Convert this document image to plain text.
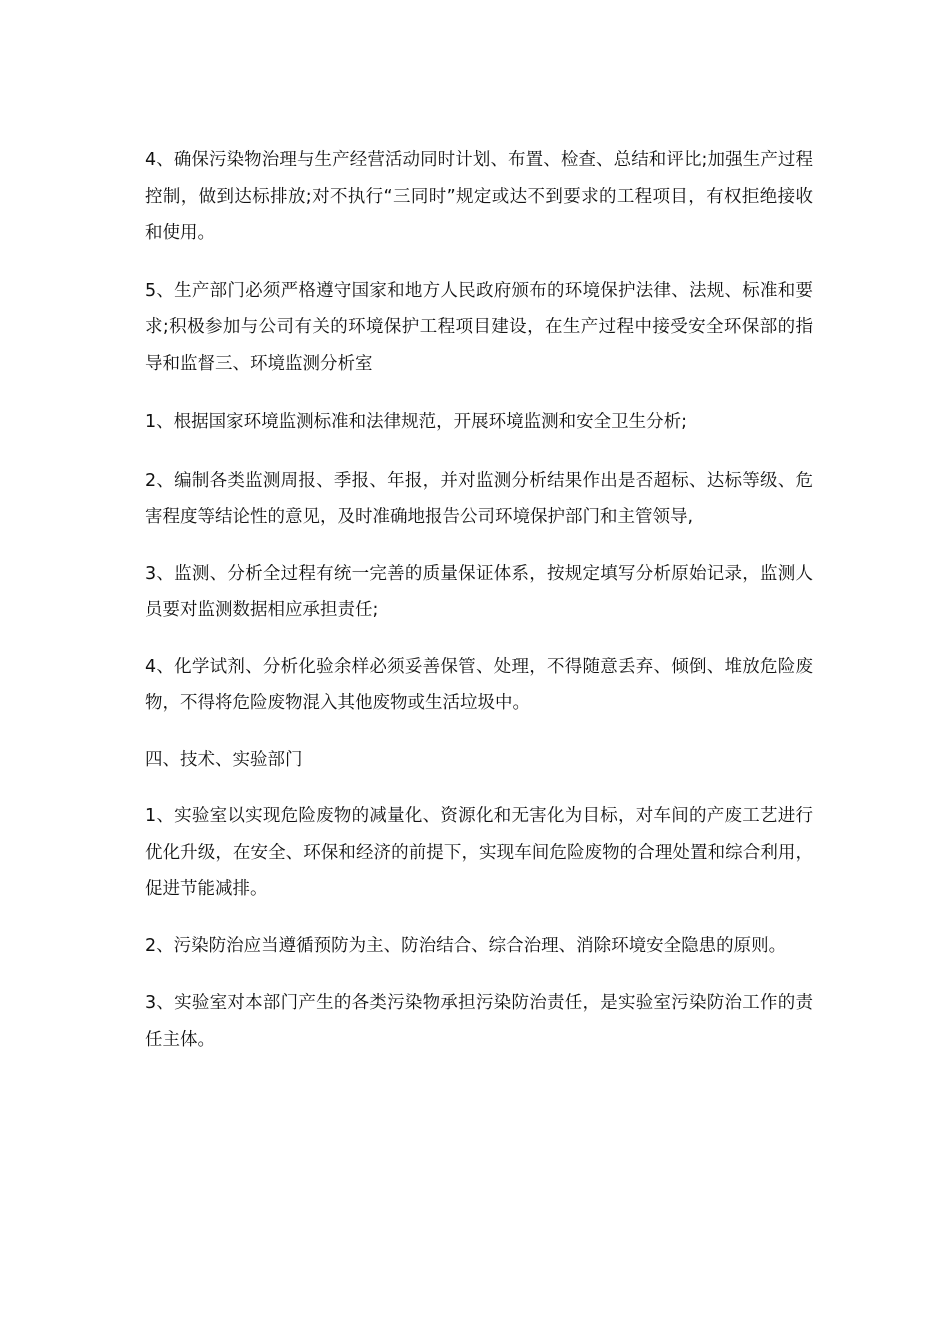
4、确保污染物治理与生产经营活动同时计划、布置、检查、总结和评比;加强生产过程控制，做到达标排放;对不执行“三同时”规定或达不到要求的工程项目，有权拒绝接收和使用。

5、生产部门必须严格遵守国家和地方人民政府颁布的环境保护法律、法规、标准和要求;积极参加与公司有关的环境保护工程项目建设，在生产过程中接受安全环保部的指导和监督三、环境监测分析室

1、根据国家环境监测标准和法律规范，开展环境监测和安全卫生分析;

2、编制各类监测周报、季报、年报，并对监测分析结果作出是否超标、达标等级、危害程度等结论性的意见，及时准确地报告公司环境保护部门和主管领导,

3、监测、分析全过程有统一完善的质量保证体系，按规定填写分析原始记录，监测人员要对监测数据相应承担责任;

4、化学试剂、分析化验余样必须妥善保管、处理，不得随意丢弃、倾倒、堆放危险废物，不得将危险废物混入其他废物或生活垃圾中。

四、技术、实验部门

1、实验室以实现危险废物的减量化、资源化和无害化为目标，对车间的产废工艺进行优化升级，在安全、环保和经济的前提下，实现车间危险废物的合理处置和综合利用，促进节能减排。

2、污染防治应当遵循预防为主、防治结合、综合治理、消除环境安全隐患的原则。

3、实验室对本部门产生的各类污染物承担污染防治责任，是实验室污染防治工作的责任主体。
